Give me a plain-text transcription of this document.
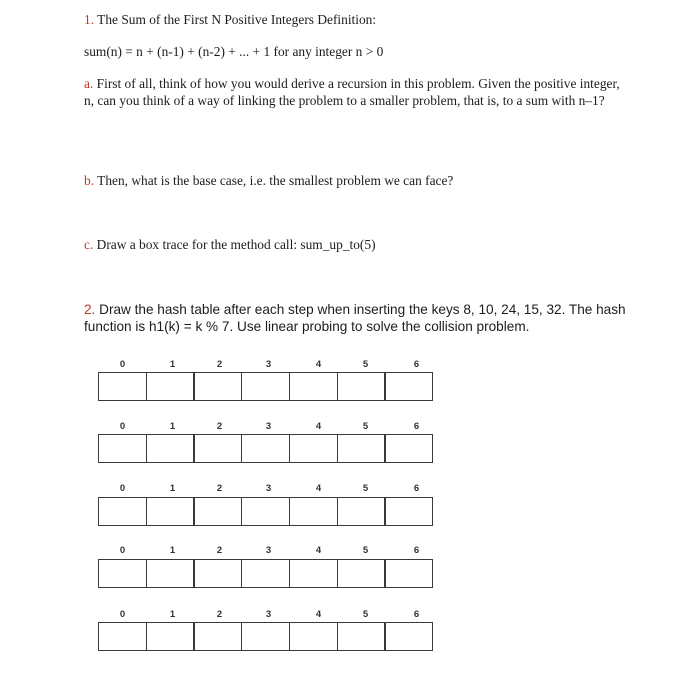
1. The Sum of the First N Positive Integers Definition:
sum(n) = n + (n-1) + (n-2) + ... + 1 for any integer n > 0
a. First of all, think of how you would derive a recursion in this problem. Given the positive integer, n, can you think of a way of linking the problem to a smaller problem, that is, to a sum with n–1?
b. Then, what is the base case, i.e. the smallest problem we can face?
c. Draw a box trace for the method call: sum_up_to(5)
2. Draw the hash table after each step when inserting the keys 8, 10, 24, 15, 32. The hash function is h1(k) = k % 7. Use linear probing to solve the collision problem.
0	1	2	3	4	5	6
0	1	2	3	4	5	6
0	1	2	3	4	5	6
0	1	2	3	4	5	6
0	1	2	3	4	5	6
